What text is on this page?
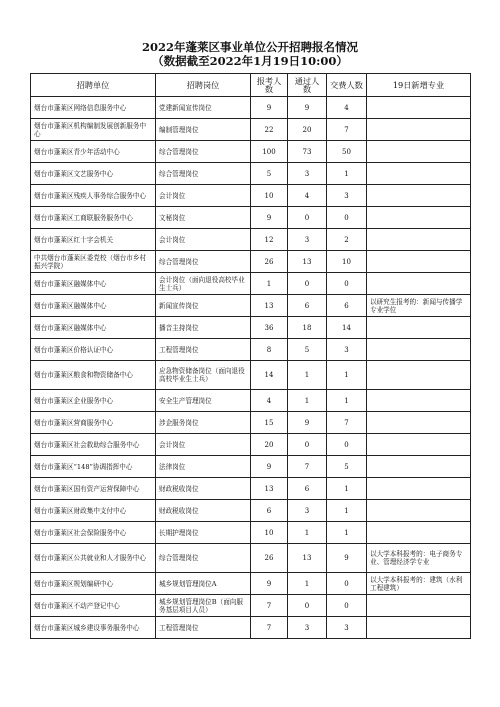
2022年蓬莱区事业单位公开招聘报名情况
（数据截至2022年1月19日10:00）
招聘单位	招聘岗位	报考人数	通过人数	交费人数	19日新增专业
烟台市蓬莱区网络信息服务中心	党建新闻宣传岗位	9	9	4	
烟台市蓬莱区机构编制发展创新服务中心	编制管理岗位	22	20	7	
烟台市蓬莱区青少年活动中心	综合管理岗位	100	73	50	
烟台市蓬莱区文艺服务中心	综合管理岗位	5	3	1	
烟台市蓬莱区残疾人事务综合服务中心	会计岗位	10	4	3	
烟台市蓬莱区工商联服务服务中心	文秘岗位	9	0	0	
烟台市蓬莱区红十字会机关	会计岗位	12	3	2	
中共烟台市蓬莱区委党校（烟台市乡村振兴学院）	综合管理岗位	26	13	10	
烟台市蓬莱区融媒体中心	会计岗位（面向退役高校毕业生士兵）	1	0	0	
烟台市蓬莱区融媒体中心	新闻宣传岗位	13	6	6	以研究生报考的：新闻与传播学专业学位
烟台市蓬莱区融媒体中心	播音主持岗位	36	18	14	
烟台市蓬莱区价格认证中心	工程管理岗位	8	5	3	
烟台市蓬莱区粮食和物资储备中心	应急物资储备岗位（面向退役高校毕业生士兵）	14	1	1	
烟台市蓬莱区企业服务中心	安全生产管理岗位	4	1	1	
烟台市蓬莱区营商服务中心	涉企服务岗位	15	9	7	
烟台市蓬莱区社会救助综合服务中心	会计岗位	20	0	0	
烟台市蓬莱区“148”协调指挥中心	法律岗位	9	7	5	
烟台市蓬莱区国有资产运营保障中心	财政税收岗位	13	6	1	
烟台市蓬莱区财政集中支付中心	财政税收岗位	6	3	1	
烟台市蓬莱区社会保险服务中心	长期护理岗位	10	1	1	
烟台市蓬莱区公共就业和人才服务中心	综合管理岗位	26	13	9	以大学本科报考的：电子商务专业、管理经济学专业
烟台市蓬莱区规划编研中心	城乡规划管理岗位A	9	1	0	以大学本科报考的：建筑（水利工程建筑）
烟台市蓬莱区不动产登记中心	城乡规划管理岗位B（面向服务基层项目人员）	7	0	0	
烟台市蓬莱区城乡建设事务服务中心	工程管理岗位	7	3	3	
